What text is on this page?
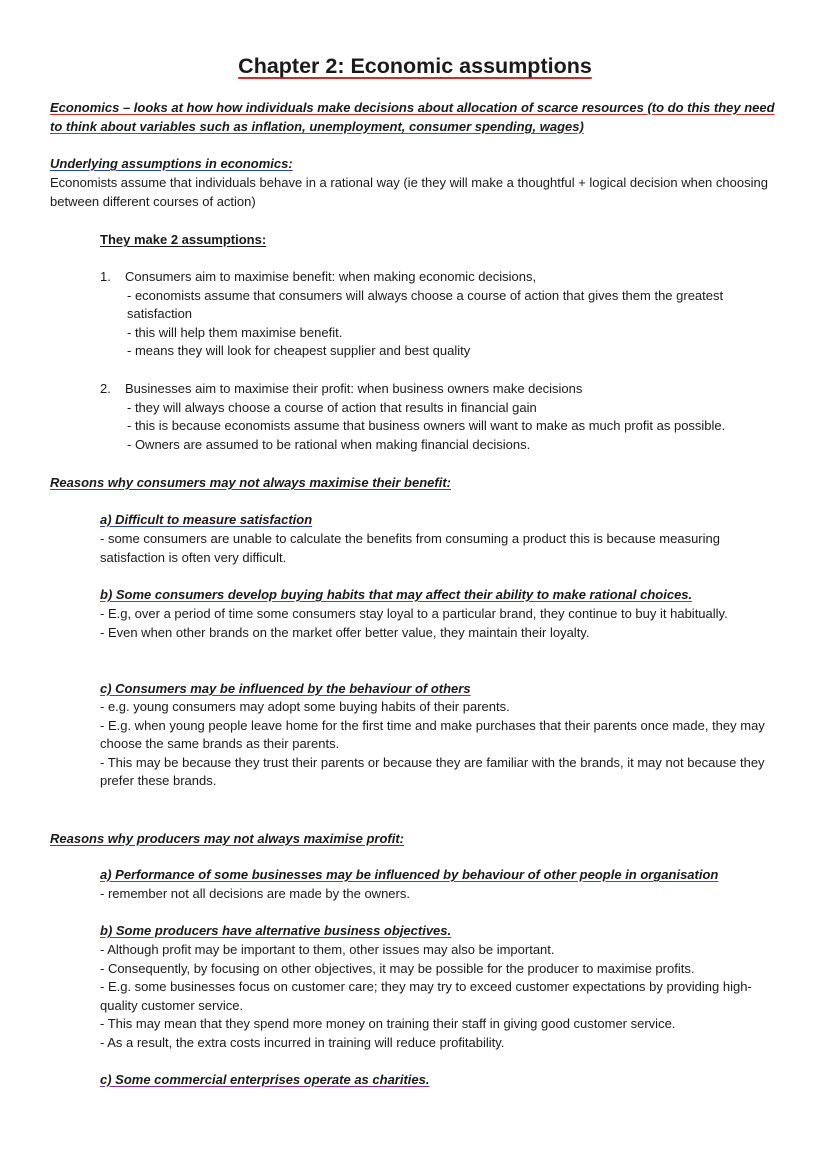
Chapter 2: Economic assumptions

Economics – looks at how how individuals make decisions about allocation of scarce resources (to do this they need to think about variables such as inflation, unemployment, consumer spending, wages)

Underlying assumptions in economics:

Economists assume that individuals behave in a rational way (ie they will make a thoughtful + logical decision when choosing between different courses of action)

They make 2 assumptions:

1. Consumers aim to maximise benefit: when making economic decisions,
- economists assume that consumers will always choose a course of action that gives them the greatest satisfaction
- this will help them maximise benefit.
- means they will look for cheapest supplier and best quality
2. Businesses aim to maximise their profit: when business owners make decisions
- they will always choose a course of action that results in financial gain
- this is because economists assume that business owners will want to make as much profit as possible.
- Owners are assumed to be rational when making financial decisions.

Reasons why consumers may not always maximise their benefit:

a) Difficult to measure satisfaction

- some consumers are unable to calculate the benefits from consuming a product this is because measuring satisfaction is often very difficult.

b) Some consumers develop buying habits that may affect their ability to make rational choices.

- E.g, over a period of time some consumers stay loyal to a particular brand, they continue to buy it habitually.
- Even when other brands on the market offer better value, they maintain their loyalty.

c) Consumers may be influenced by the behaviour of others

- e.g. young consumers may adopt some buying habits of their parents.
- E.g. when young people leave home for the first time and make purchases that their parents once made, they may choose the same brands as their parents.
- This may be because they trust their parents or because they are familiar with the brands, it may not because they prefer these brands.

Reasons why producers may not always maximise profit:

a) Performance of some businesses may be influenced by behaviour of other people in organisation

- remember not all decisions are made by the owners.

b) Some producers have alternative business objectives.

- Although profit may be important to them, other issues may also be important.
- Consequently, by focusing on other objectives, it may be possible for the producer to maximise profits.
- E.g. some businesses focus on customer care; they may try to exceed customer expectations by providing high-quality customer service.
- This may mean that they spend more money on training their staff in giving good customer service.
- As a result, the extra costs incurred in training will reduce profitability.

c) Some commercial enterprises operate as charities.
